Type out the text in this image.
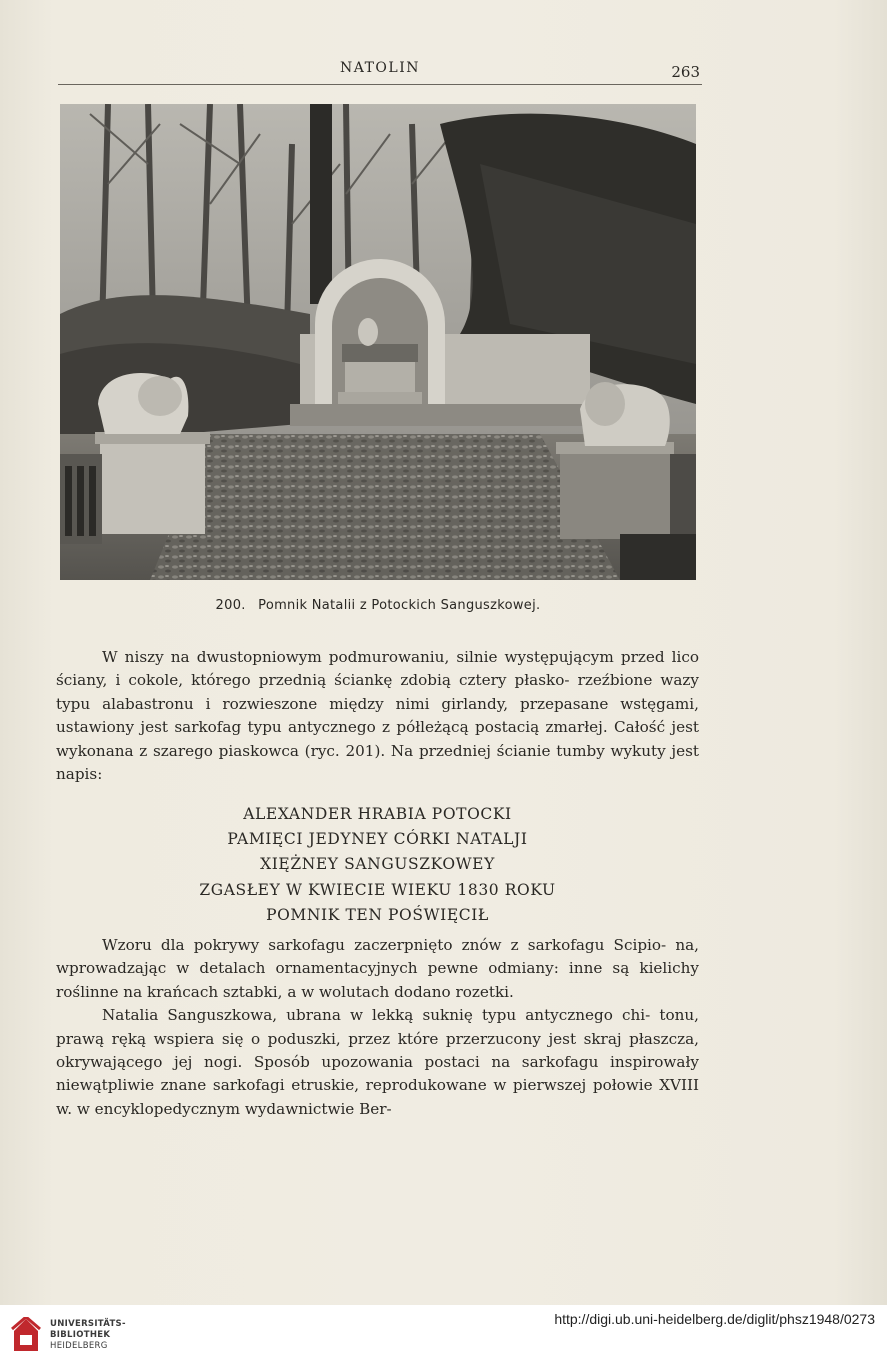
NATOLIN	263
200. Pomnik Natalii z Potockich Sanguszkowej.

W niszy na dwustopniowym podmurowaniu, silnie występującym przed lico ściany, i cokole, którego przednią ściankę zdobią cztery płasko- rzeźbione wazy typu alabastronu i rozwieszone między nimi girlandy, przepasane wstęgami, ustawiony jest sarkofag typu antycznego z półleżącą postacią zmarłej. Całość jest wykonana z szarego piaskowca (ryc. 201). Na przedniej ścianie tumby wykuty jest napis:

ALEXANDER HRABIA POTOCKI
PAMIĘCI JEDYNEY CÓRKI NATALJI
XIĘŻNEY SANGUSZKOWEY
ZGASŁEY W KWIECIE WIEKU 1830 ROKU
POMNIK TEN POŚWIĘCIŁ

Wzoru dla pokrywy sarkofagu zaczerpnięto znów z sarkofagu Scipio- na, wprowadzając w detalach ornamentacyjnych pewne odmiany: inne są kielichy roślinne na krańcach sztabki, a w wolutach dodano rozetki.

Natalia Sanguszkowa, ubrana w lekką suknię typu antycznego chi- tonu, prawą ręką wspiera się o poduszki, przez które przerzucony jest skraj płaszcza, okrywającego jej nogi. Sposób upozowania postaci na sarkofagu inspirowały niewątpliwie znane sarkofagi etruskie, reprodukowane w pierwszej połowie XVIII w. w encyklopedycznym wydawnictwie Ber-

UNIVERSITÄTS-
BIBLIOTHEK
HEIDELBERG
http://digi.ub.uni-heidelberg.de/diglit/phsz1948/0273
